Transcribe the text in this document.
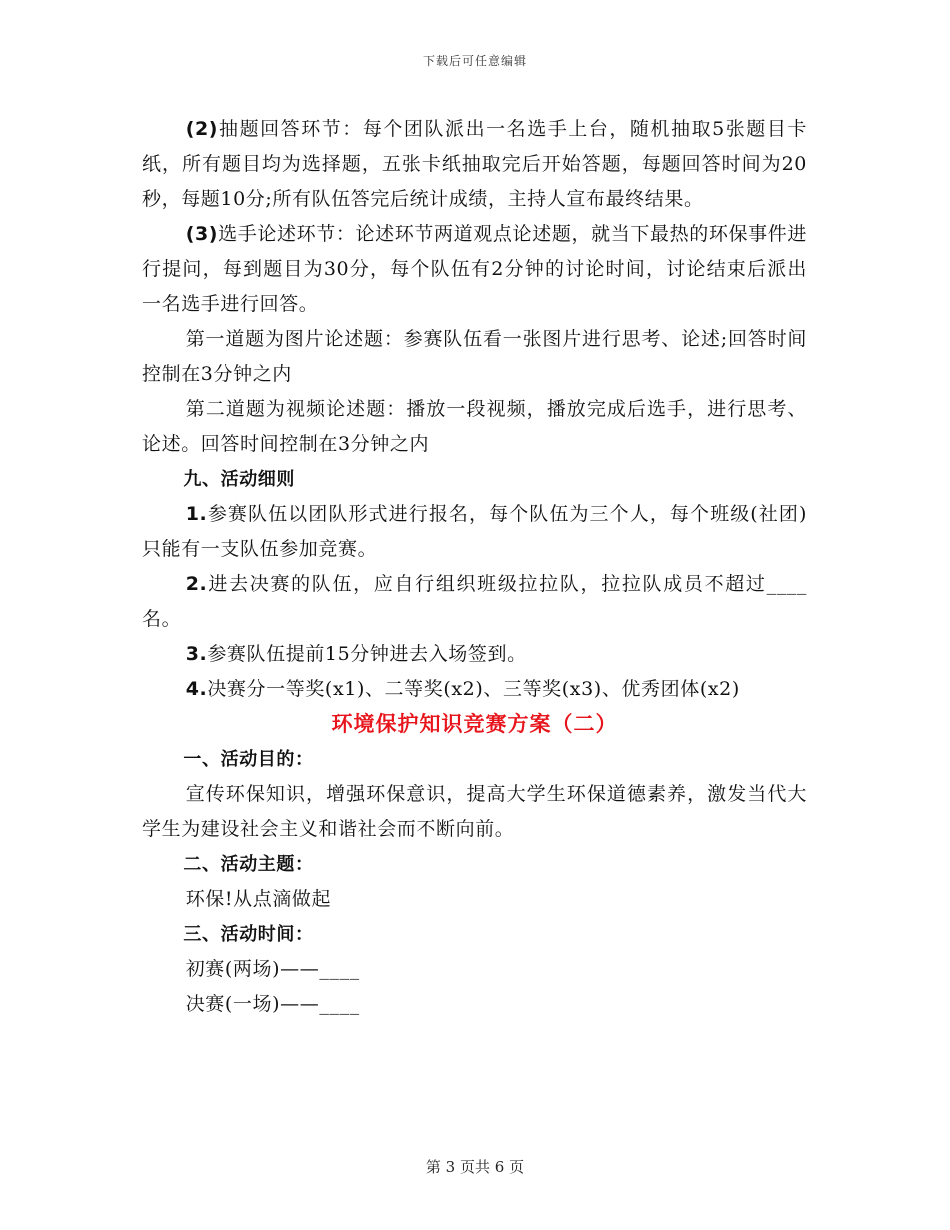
下载后可任意编辑

(2)抽题回答环节：每个团队派出一名选手上台，随机抽取5张题目卡纸，所有题目均为选择题，五张卡纸抽取完后开始答题，每题回答时间为20秒，每题10分;所有队伍答完后统计成绩，主持人宣布最终结果。

(3)选手论述环节：论述环节两道观点论述题，就当下最热的环保事件进行提问，每到题目为30分，每个队伍有2分钟的讨论时间，讨论结束后派出一名选手进行回答。

第一道题为图片论述题：参赛队伍看一张图片进行思考、论述;回答时间控制在3分钟之内

第二道题为视频论述题：播放一段视频，播放完成后选手，进行思考、论述。回答时间控制在3分钟之内

九、活动细则

1.参赛队伍以团队形式进行报名，每个队伍为三个人，每个班级(社团)只能有一支队伍参加竞赛。

2.进去决赛的队伍，应自行组织班级拉拉队，拉拉队成员不超过____名。

3.参赛队伍提前15分钟进去入场签到。

4.决赛分一等奖(x1)、二等奖(x2)、三等奖(x3)、优秀团体(x2)

环境保护知识竞赛方案（二）

一、活动目的：

宣传环保知识，增强环保意识，提高大学生环保道德素养，激发当代大学生为建设社会主义和谐社会而不断向前。

二、活动主题：

环保!从点滴做起

三、活动时间：

初赛(两场)——____

决赛(一场)——____

第 3 页共 6 页
